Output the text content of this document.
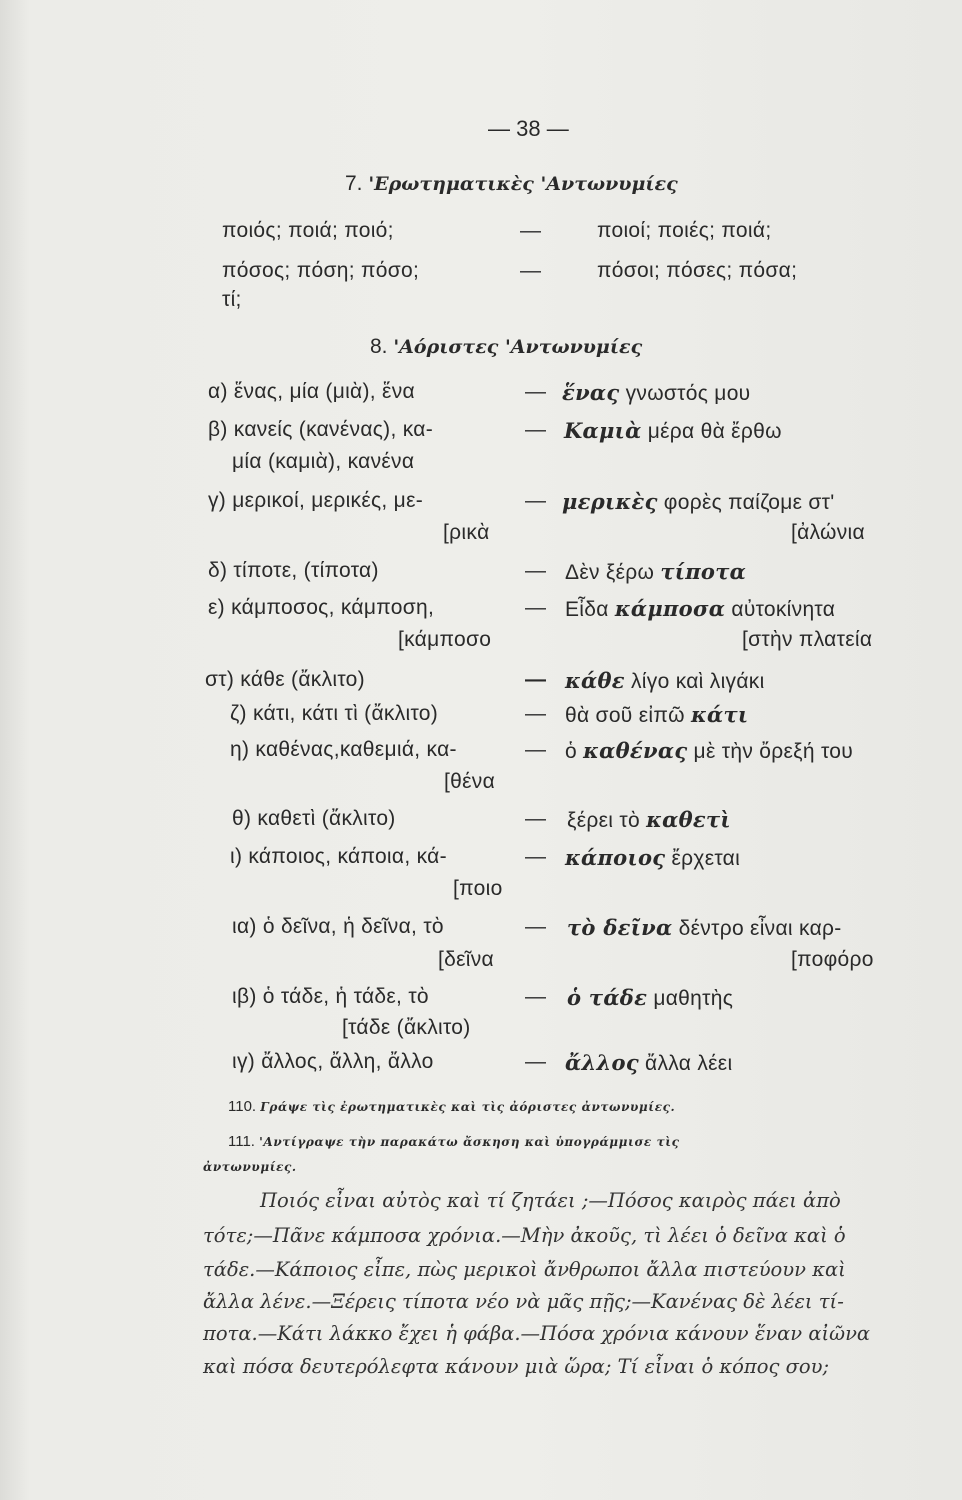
— 38 —
7. 'Ερωτηματικὲς 'Αντωνυμίες
ποιός; ποιά; ποιό;	—	ποιοί; ποιές; ποιά;
πόσος; πόση; πόσο;	—	πόσοι; πόσες; πόσα;
τί;
8. 'Αόριστες 'Αντωνυμίες
α) ἕνας, μία (μιὰ), ἕνα	— ἕνας γνωστός μου
β) κανείς (κανένας), κα-	— Καμιὰ μέρα θὰ ἔρθω
μία (καμιὰ), κανένα
γ) μερικοί, μερικές, με-	— μερικὲς φορὲς παίζομε στ'
[ρικὰ	[ἀλώνια
δ) τίποτε, (τίποτα)	— Δὲν ξέρω τίποτα
ε) κάμποσος, κάμποση,	— Εἶδα κάμποσα αὐτοκίνητα
[κάμποσο	[στὴν πλατεία
στ) κάθε (ἄκλιτο)	— κάθε λίγο καὶ λιγάκι
ζ) κάτι, κάτι τὶ (ἄκλιτο)	— θὰ σοῦ εἰπῶ κάτι
η) καθένας,καθεμιά, κα-	— ὁ καθένας μὲ τὴν ὄρεξή του
[θένα
θ) καθετὶ (ἄκλιτο)	— ξέρει τὸ καθετὶ
ι) κάποιος, κάποια, κά-	— κάποιος ἔρχεται
[ποιο
ια) ὁ δεῖνα, ἡ δεῖνα, τὸ	— τὸ δεῖνα δέντρο εἶναι καρ-
[δεῖνα	[ποφόρο
ιβ) ὁ τάδε, ἡ τάδε, τὸ	— ὁ τάδε μαθητὴς
[τάδε (ἄκλιτο)
ιγ) ἄλλος, ἄλλη, ἄλλο	— ἄλλος ἄλλα λέει
110. Γράψε τὶς ἐρωτηματικὲς καὶ τὶς ἀόριστες ἀντωνυμίες.
111. 'Αντίγραψε τὴν παρακάτω ἄσκηση καὶ ὑπογράμμισε τὶς
ἀντωνυμίες.
Ποιός εἶναι αὐτὸς καὶ τί ζητάει ;—Πόσος καιρὸς πάει ἀπὸ
τότε;—Πᾶνε κάμποσα χρόνια.—Μὴν ἀκοῦς, τὶ λέει ὁ δεῖνα καὶ ὁ
τάδε.—Κάποιος εἶπε, πὼς μερικοὶ ἄνθρωποι ἄλλα πιστεύουν καὶ
ἄλλα λένε.—Ξέρεις τίποτα νέο νὰ μᾶς πῇς;—Κανένας δὲ λέει τί-
ποτα.—Κάτι λάκκο ἔχει ἡ φάβα.—Πόσα χρόνια κάνουν ἕναν αἰῶνα
καὶ πόσα δευτερόλεφτα κάνουν μιὰ ὥρα; Τί εἶναι ὁ κόπος σου;
